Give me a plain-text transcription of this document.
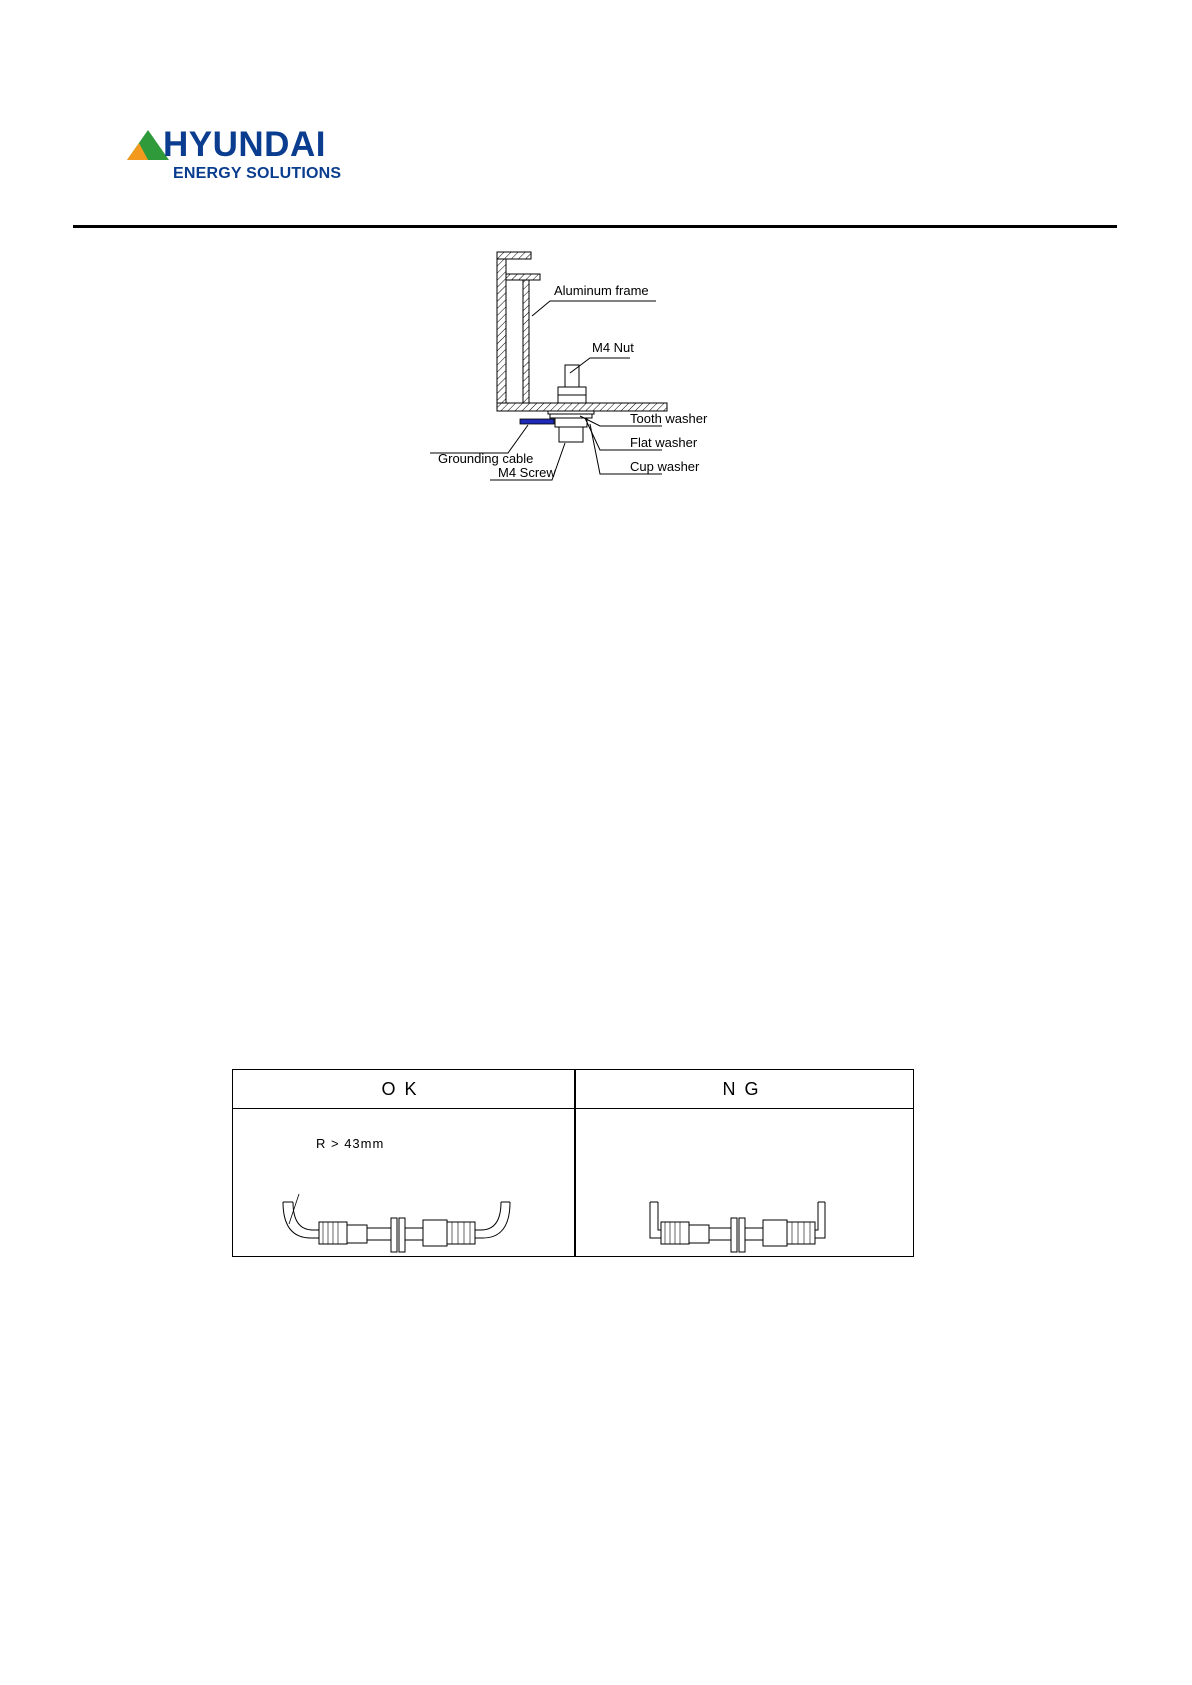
HYUNDAI
ENERGY SOLUTIONS
Aluminum frame
M4 Nut
Tooth washer
Flat washer
Cup washer
Grounding cable
M4 Screw
OK	NG
R > 43mm
